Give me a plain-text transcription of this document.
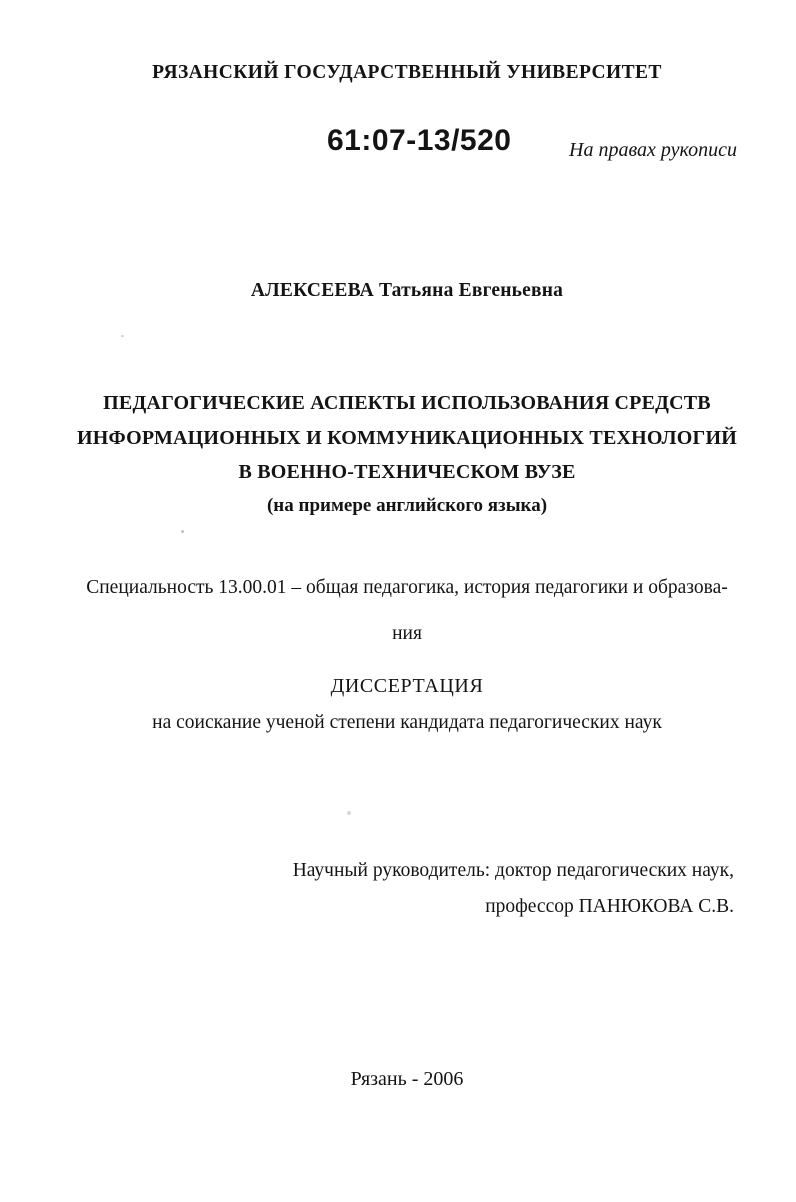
РЯЗАНСКИЙ ГОСУДАРСТВЕННЫЙ УНИВЕРСИТЕТ
61:07-13/520	На правах рукописи
АЛЕКСЕЕВА Татьяна Евгеньевна
ПЕДАГОГИЧЕСКИЕ АСПЕКТЫ ИСПОЛЬЗОВАНИЯ СРЕДСТВ
ИНФОРМАЦИОННЫХ И КОММУНИКАЦИОННЫХ ТЕХНОЛОГИЙ
В ВОЕННО-ТЕХНИЧЕСКОМ ВУЗЕ
(на примере английского языка)
Специальность 13.00.01 – общая педагогика, история педагогики и образова-
ния
ДИССЕРТАЦИЯ
на соискание ученой степени кандидата педагогических наук
Научный руководитель: доктор педагогических наук,
профессор ПАНЮКОВА С.В.
Рязань - 2006
